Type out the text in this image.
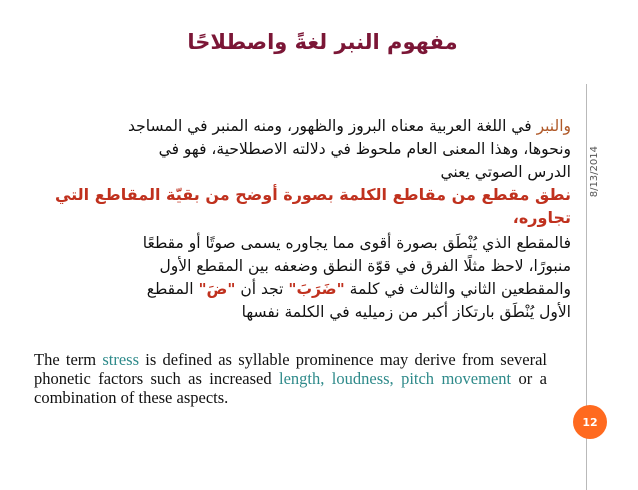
مفهوم النبر لغةً واصطلاحًا
8/13/2014
والنبر في اللغة العربية معناه البروز والظهور، ومنه المنبر في المساجد
ونحوها، وهذا المعنى العام ملحوظ في دلالته الاصطلاحية، فهو في
الدرس الصوتي يعني
نطق مقطع من مقاطع الكلمة بصورة أوضح من بقيّة المقاطع التي
تجاوره،
فالمقطع الذي يُنْطَق بصورة أقوى مما يجاوره يسمى صوتًا أو مقطعًا
منبورًا، لاحظ مثلًا الفرق في قوّة النطق وضعفه بين المقطع الأول
والمقطعين الثاني والثالث في كلمة "ضَرَبَ" تجد أن "ضَ" المقطع
الأول يُنْطَق بارتكاز أكبر من زميليه في الكلمة نفسها
The term stress is defined as syllable prominence may derive from several phonetic factors such as increased length, loudness, pitch movement or a combination of these aspects.
12
